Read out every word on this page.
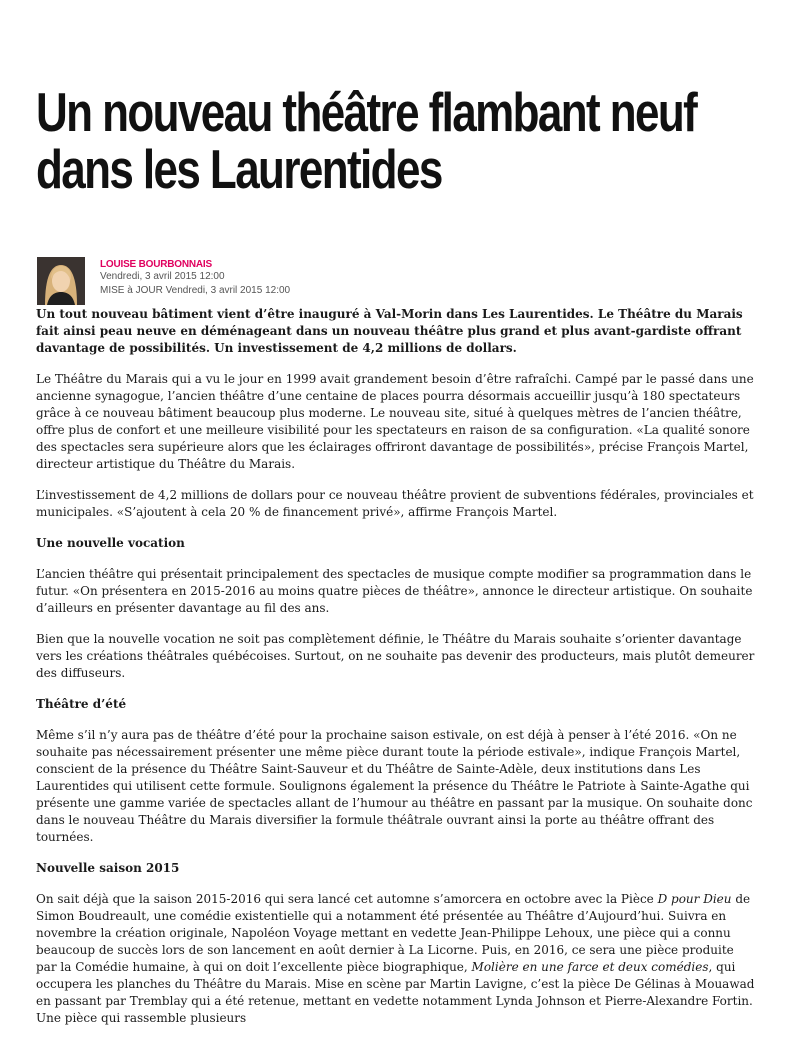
Un nouveau théâtre flambant neuf dans les Laurentides
LOUISE BOURBONNAIS
Vendredi, 3 avril 2015 12:00
MISE à JOUR Vendredi, 3 avril 2015 12:00

Un tout nouveau bâtiment vient d’être inauguré à Val-Morin dans Les Laurentides. Le Théâtre du Marais fait ainsi peau neuve en déménageant dans un nouveau théâtre plus grand et plus avant-gardiste offrant davantage de possibilités. Un investissement de 4,2 millions de dollars.

Le Théâtre du Marais qui a vu le jour en 1999 avait grandement besoin d’être rafraîchi. Campé par le passé dans une ancienne synagogue, l’ancien théâtre d’une centaine de places pourra désormais accueillir jusqu’à 180 spectateurs grâce à ce nouveau bâtiment beaucoup plus moderne. Le nouveau site, situé à quelques mètres de l’ancien théâtre, offre plus de confort et une meilleure visibilité pour les spectateurs en raison de sa configuration. «La qualité sonore des spectacles sera supérieure alors que les éclairages offriront davantage de possibilités», précise François Martel, directeur artistique du Théâtre du Marais.

L’investissement de 4,2 millions de dollars pour ce nouveau théâtre provient de subventions fédérales, provinciales et municipales. «S’ajoutent à cela 20 % de financement privé», affirme François Martel.

Une nouvelle vocation

L’ancien théâtre qui présentait principalement des spectacles de musique compte modifier sa programmation dans le futur. «On présentera en 2015-2016 au moins quatre pièces de théâtre», annonce le directeur artistique. On souhaite d’ailleurs en présenter davantage au fil des ans.

Bien que la nouvelle vocation ne soit pas complètement définie, le Théâtre du Marais souhaite s’orienter davantage vers les créations théâtrales québécoises. Surtout, on ne souhaite pas devenir des producteurs, mais plutôt demeurer des diffuseurs.

Théâtre d’été

Même s’il n’y aura pas de théâtre d’été pour la prochaine saison estivale, on est déjà à penser à l’été 2016. «On ne souhaite pas nécessairement présenter une même pièce durant toute la période estivale», indique François Martel, conscient de la présence du Théâtre Saint-Sauveur et du Théâtre de Sainte-Adèle, deux institutions dans Les Laurentides qui utilisent cette formule. Soulignons également la présence du Théâtre le Patriote à Sainte-Agathe qui présente une gamme variée de spectacles allant de l’humour au théâtre en passant par la musique. On souhaite donc dans le nouveau Théâtre du Marais diversifier la formule théâtrale ouvrant ainsi la porte au théâtre offrant des tournées.

Nouvelle saison 2015

On sait déjà que la saison 2015-2016 qui sera lancé cet automne s’amorcera en octobre avec la Pièce D pour Dieu de Simon Boudreault, une comédie existentielle qui a notamment été présentée au Théâtre d’Aujourd’hui. Suivra en novembre la création originale, Napoléon Voyage mettant en vedette Jean-Philippe Lehoux, une pièce qui a connu beaucoup de succès lors de son lancement en août dernier à La Licorne. Puis, en 2016, ce sera une pièce produite par la Comédie humaine, à qui on doit l’excellente pièce biographique, Molière en une farce et deux comédies, qui occupera les planches du Théâtre du Marais. Mise en scène par Martin Lavigne, c’est la pièce De Gélinas à Mouawad en passant par Tremblay qui a été retenue, mettant en vedette notamment Lynda Johnson et Pierre-Alexandre Fortin. Une pièce qui rassemble plusieurs
